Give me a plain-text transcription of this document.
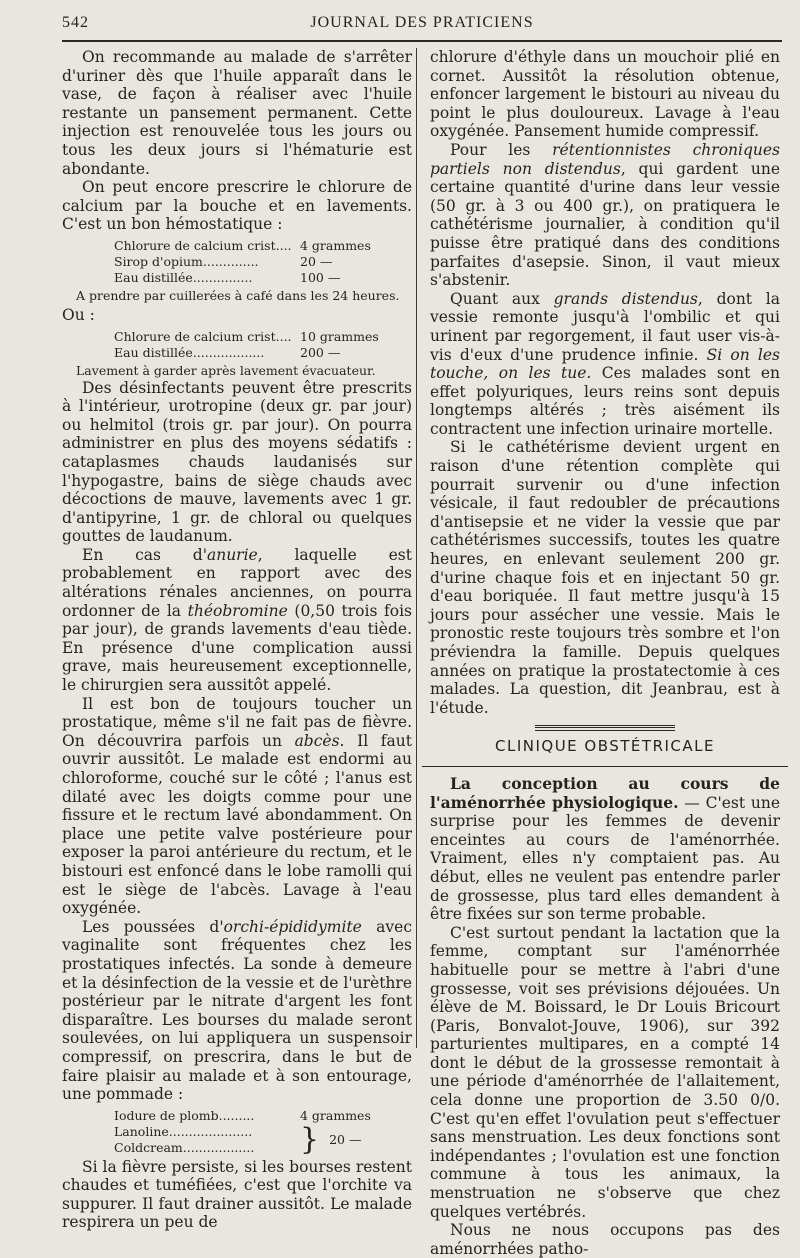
542	JOURNAL DES PRATICIENS

On recommande au malade de s'arrêter d'uriner dès que l'huile apparaît dans le vase, de façon à réaliser avec l'huile restante un pansement permanent. Cette injection est renouvelée tous les jours ou tous les deux jours si l'hématurie est abondante.

On peut encore prescrire le chlorure de calcium par la bouche et en lavements. C'est un bon hémostatique :

Chlorure de calcium crist.... 4 grammes
Sirop d'opium..............	20 —
Eau distillée...............	100 —
A prendre par cuillerées à café dans les 24 heures.

Ou :

Chlorure de calcium crist.... 10 grammes
Eau distillée..................	200 —
Lavement à garder après lavement évacuateur.

Des désinfectants peuvent être prescrits à l'intérieur, urotropine (deux gr. par jour) ou helmitol (trois gr. par jour). On pourra administrer en plus des moyens sédatifs : cataplasmes chauds laudanisés sur l'hypogastre, bains de siège chauds avec décoctions de mauve, lavements avec 1 gr. d'antipyrine, 1 gr. de chloral ou quelques gouttes de laudanum.

En cas d'anurie, laquelle est probablement en rapport avec des altérations rénales anciennes, on pourra ordonner de la théobromine (0,50 trois fois par jour), de grands lavements d'eau tiède. En présence d'une complication aussi grave, mais heureusement exceptionnelle, le chirurgien sera aussitôt appelé.

Il est bon de toujours toucher un prostatique, même s'il ne fait pas de fièvre. On découvrira parfois un abcès. Il faut ouvrir aussitôt. Le malade est endormi au chloroforme, couché sur le côté ; l'anus est dilaté avec les doigts comme pour une fissure et le rectum lavé abondamment. On place une petite valve postérieure pour exposer la paroi antérieure du rectum, et le bistouri est enfoncé dans le lobe ramolli qui est le siège de l'abcès. Lavage à l'eau oxygénée.

Les poussées d'orchi-épididymite avec vaginalite sont fréquentes chez les prostatiques infectés. La sonde à demeure et la désinfection de la vessie et de l'urèthre postérieur par le nitrate d'argent les font disparaître. Les bourses du malade seront soulevées, on lui appliquera un suspensoir compressif, on prescrira, dans le but de faire plaisir au malade et à son entourage, une pommade :

Iodure de plomb.........	4 grammes
Lanoline.....................
Coldcream..................	} 20 —

Si la fièvre persiste, si les bourses restent chaudes et tuméfiées, c'est que l'orchite va suppurer. Il faut drainer aussitôt. Le malade respirera un peu de

chlorure d'éthyle dans un mouchoir plié en cornet. Aussitôt la résolution obtenue, enfoncer largement le bistouri au niveau du point le plus douloureux. Lavage à l'eau oxygénée. Pansement humide compressif.

Pour les rétentionnistes chroniques partiels non distendus, qui gardent une certaine quantité d'urine dans leur vessie (50 gr. à 3 ou 400 gr.), on pratiquera le cathétérisme journalier, à condition qu'il puisse être pratiqué dans des conditions parfaites d'asepsie. Sinon, il vaut mieux s'abstenir.

Quant aux grands distendus, dont la vessie remonte jusqu'à l'ombilic et qui urinent par regorgement, il faut user vis-à-vis d'eux d'une prudence infinie. Si on les touche, on les tue. Ces malades sont en effet polyuriques, leurs reins sont depuis longtemps altérés ; très aisément ils contractent une infection urinaire mortelle.

Si le cathétérisme devient urgent en raison d'une rétention complète qui pourrait survenir ou d'une infection vésicale, il faut redoubler de précautions d'antisepsie et ne vider la vessie que par cathétérismes successifs, toutes les quatre heures, en enlevant seulement 200 gr. d'urine chaque fois et en injectant 50 gr. d'eau boriquée. Il faut mettre jusqu'à 15 jours pour assécher une vessie. Mais le pronostic reste toujours très sombre et l'on préviendra la famille. Depuis quelques années on pratique la prostatectomie à ces malades. La question, dit Jeanbrau, est à l'étude.

CLINIQUE OBSTÉTRICALE

La conception au cours de l'aménorrhée physiologique. — C'est une surprise pour les femmes de devenir enceintes au cours de l'aménorrhée. Vraiment, elles n'y comptaient pas. Au début, elles ne veulent pas entendre parler de grossesse, plus tard elles demandent à être fixées sur son terme probable.

C'est surtout pendant la lactation que la femme, comptant sur l'aménorrhée habituelle pour se mettre à l'abri d'une grossesse, voit ses prévisions déjouées. Un élève de M. Boissard, le Dr Louis Bricourt (Paris, Bonvalot-Jouve, 1906), sur 392 parturientes multipares, en a compté 14 dont le début de la grossesse remontait à une période d'aménorrhée de l'allaitement, cela donne une proportion de 3.50 0/0. C'est qu'en effet l'ovulation peut s'effectuer sans menstruation. Les deux fonctions sont indépendantes ; l'ovulation est une fonction commune à tous les animaux, la menstruation ne s'observe que chez quelques vertébrés.

Nous ne nous occupons pas des aménorrhées patho-
